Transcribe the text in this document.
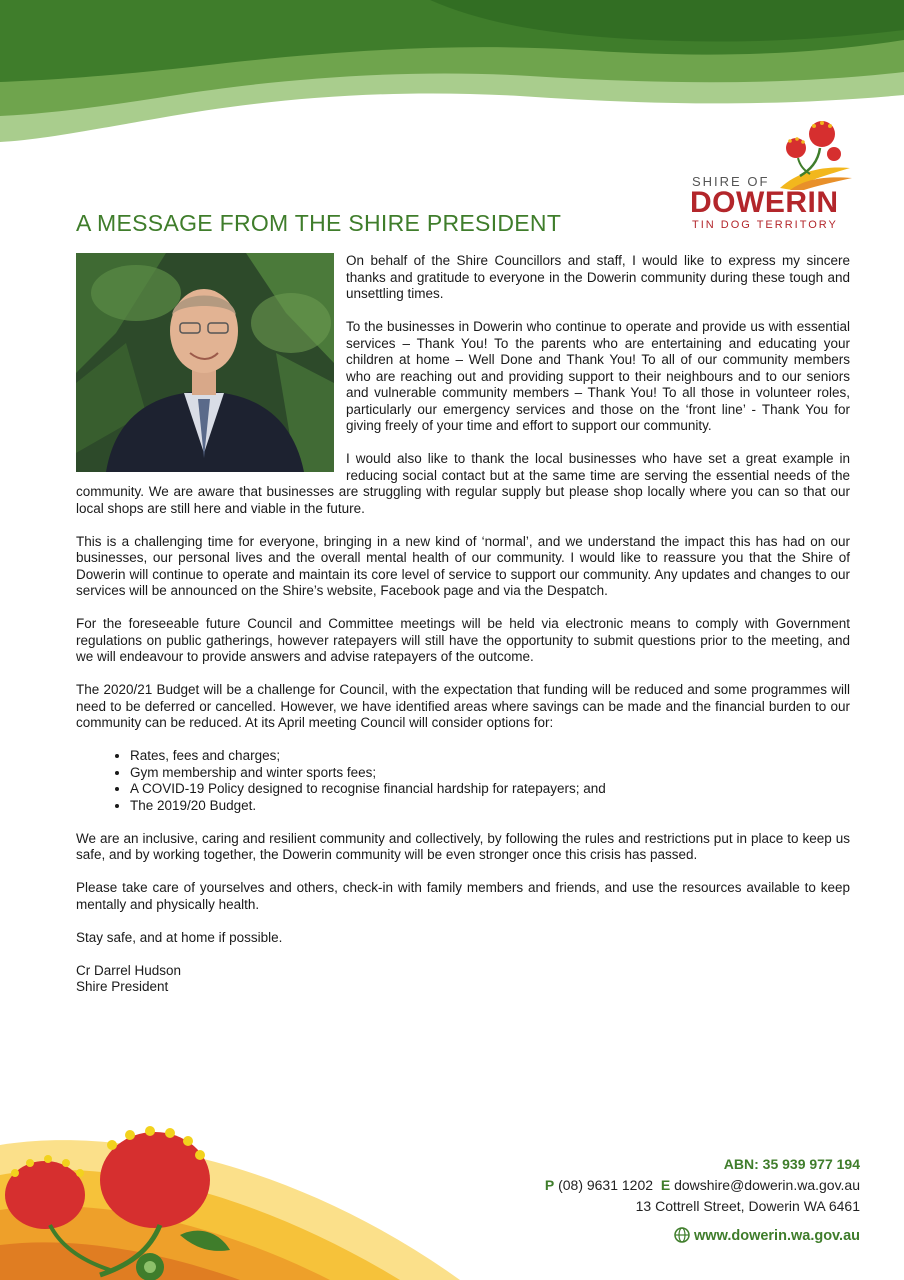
SHIRE OF
DOWERIN
TIN DOG TERRITORY
A MESSAGE FROM THE SHIRE PRESIDENT

On behalf of the Shire Councillors and staff, I would like to express my sincere thanks and gratitude to everyone in the Dowerin community during these tough and unsettling times.

To the businesses in Dowerin who continue to operate and provide us with essential services – Thank You! To the parents who are entertaining and educating your children at home – Well Done and Thank You! To all of our community members who are reaching out and providing support to their neighbours and to our seniors and vulnerable community members – Thank You! To all those in volunteer roles, particularly our emergency services and those on the ‘front line’ - Thank You for giving freely of your time and effort to support our community.

I would also like to thank the local businesses who have set a great example in reducing social contact but at the same time are serving the essential needs of the community. We are aware that businesses are struggling with regular supply but please shop locally where you can so that our local shops are still here and viable in the future.

This is a challenging time for everyone, bringing in a new kind of ‘normal’, and we understand the impact this has had on our businesses, our personal lives and the overall mental health of our community. I would like to reassure you that the Shire of Dowerin will continue to operate and maintain its core level of service to support our community. Any updates and changes to our services will be announced on the Shire’s website, Facebook page and via the Despatch.

For the foreseeable future Council and Committee meetings will be held via electronic means to comply with Government regulations on public gatherings, however ratepayers will still have the opportunity to submit questions prior to the meeting, and we will endeavour to provide answers and advise ratepayers of the outcome.

The 2020/21 Budget will be a challenge for Council, with the expectation that funding will be reduced and some programmes will need to be deferred or cancelled. However, we have identified areas where savings can be made and the financial burden to our community can be reduced. At its April meeting Council will consider options for:

• Rates, fees and charges;
• Gym membership and winter sports fees;
• A COVID-19 Policy designed to recognise financial hardship for ratepayers; and
• The 2019/20 Budget.

We are an inclusive, caring and resilient community and collectively, by following the rules and restrictions put in place to keep us safe, and by working together, the Dowerin community will be even stronger once this crisis has passed.

Please take care of yourselves and others, check-in with family members and friends, and use the resources available to keep mentally and physically health.

Stay safe, and at home if possible.

Cr Darrel Hudson
Shire President
ABN: 35 939 977 194
P (08) 9631 1202 E dowshire@dowerin.wa.gov.au
13 Cottrell Street, Dowerin WA 6461
www.dowerin.wa.gov.au
